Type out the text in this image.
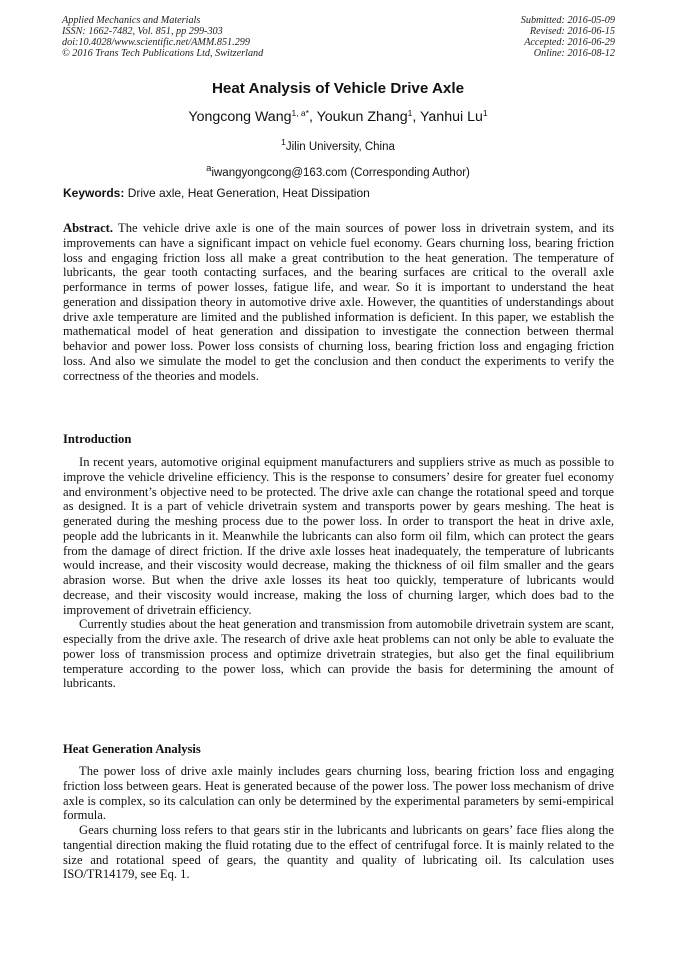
Applied Mechanics and Materials
ISSN: 1662-7482, Vol. 851, pp 299-303
doi:10.4028/www.scientific.net/AMM.851.299
© 2016 Trans Tech Publications Ltd, Switzerland
Submitted: 2016-05-09
Revised: 2016-06-15
Accepted: 2016-06-29
Online: 2016-08-12
Heat Analysis of Vehicle Drive Axle
Yongcong Wang$^{1, a*}$, Youkun Zhang$^1$, Yanhui Lu$^1$
$^1$Jilin University, China
$^a$iwangyongcong@163.com (Corresponding Author)
Keywords: Drive axle, Heat Generation, Heat Dissipation

Abstract. The vehicle drive axle is one of the main sources of power loss in drivetrain system, and its improvements can have a significant impact on vehicle fuel economy. Gears churning loss, bearing friction loss and engaging friction loss all make a great contribution to the heat generation. The temperature of lubricants, the gear tooth contacting surfaces, and the bearing surfaces are critical to the overall axle performance in terms of power losses, fatigue life, and wear. So it is important to understand the heat generation and dissipation theory in automotive drive axle. However, the quantities of understandings about drive axle temperature are limited and the published information is deficient. In this paper, we establish the mathematical model of heat generation and dissipation to investigate the connection between thermal behavior and power loss. Power loss consists of churning loss, bearing friction loss and engaging friction loss. And also we simulate the model to get the conclusion and then conduct the experiments to verify the correctness of the theories and models.

Introduction

In recent years, automotive original equipment manufacturers and suppliers strive as much as possible to improve the vehicle driveline efficiency. This is the response to consumers’ desire for greater fuel economy and environment’s objective need to be protected. The drive axle can change the rotational speed and torque as designed. It is a part of vehicle drivetrain system and transports power by gears meshing. The heat is generated during the meshing process due to the power loss. In order to transport the heat in drive axle, people add the lubricants in it. Meanwhile the lubricants can also form oil film, which can protect the gears from the damage of direct friction. If the drive axle losses heat inadequately, the temperature of lubricants would increase, and their viscosity would decrease, making the thickness of oil film smaller and the gears abrasion worse. But when the drive axle losses its heat too quickly, temperature of lubricants would decrease, and their viscosity would increase, making the loss of churning larger, which does bad to the improvement of drivetrain efficiency.

Currently studies about the heat generation and transmission from automobile drivetrain system are scant, especially from the drive axle. The research of drive axle heat problems can not only be able to evaluate the power loss of transmission process and optimize drivetrain strategies, but also get the final equilibrium temperature according to the power loss, which can provide the basis for determining the amount of lubricants.

Heat Generation Analysis

The power loss of drive axle mainly includes gears churning loss, bearing friction loss and engaging friction loss between gears. Heat is generated because of the power loss. The power loss mechanism of drive axle is complex, so its calculation can only be determined by the experimental parameters by semi-empirical formula.

Gears churning loss refers to that gears stir in the lubricants and lubricants on gears’ face flies along the tangential direction making the fluid rotating due to the effect of centrifugal force. It is mainly related to the size and rotational speed of gears, the quantity and quality of lubricating oil. Its calculation uses ISO/TR14179, see Eq. 1.
